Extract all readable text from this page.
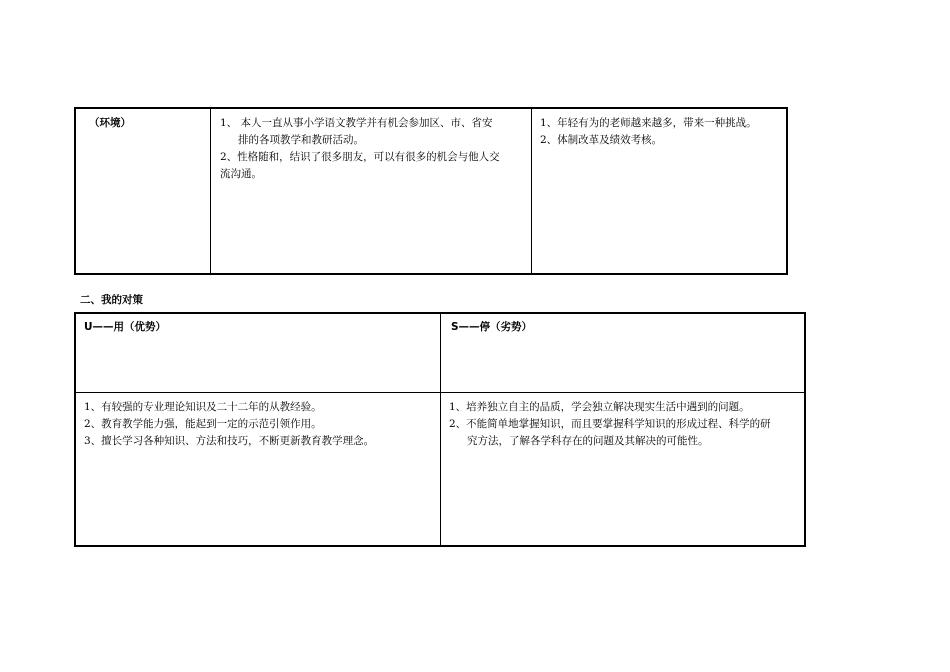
（环境）	1、 本人一直从事小学语文教学并有机会参加区、市、省安
排的各项教学和教研活动。
2、性格随和，结识了很多朋友，可以有很多的机会与他人交
流沟通。
1、年轻有为的老师越来越多，带来一种挑战。
2、体制改革及绩效考核。
二、我的对策
U——用（优势）	S——停（劣势）
1、有较强的专业理论知识及二十二年的从教经验。
2、教育教学能力强，能起到一定的示范引领作用。
3、擅长学习各种知识、方法和技巧，不断更新教育教学理念。
1、培养独立自主的品质，学会独立解决现实生活中遇到的问题。
2、不能简单地掌握知识，而且要掌握科学知识的形成过程、科学的研
究方法，了解各学科存在的问题及其解决的可能性。
